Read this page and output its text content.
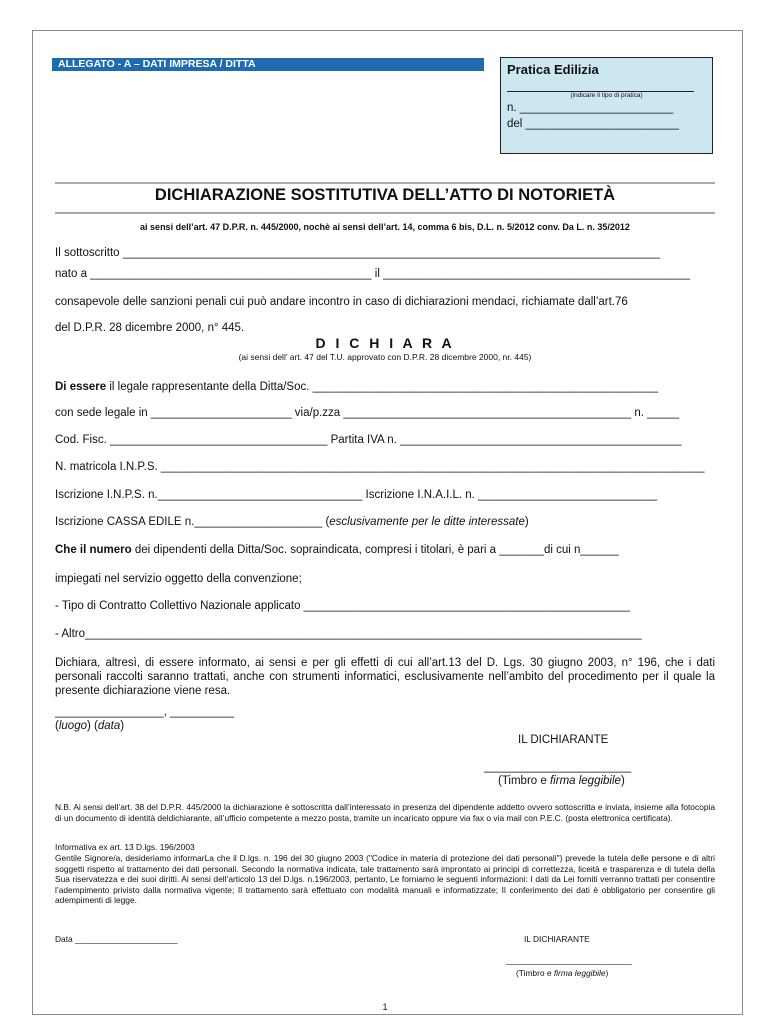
ALLEGATO - A – DATI IMPRESA / DITTA	Pratica Edilizia
(indicare il tipo di pratica)
n. ________________________
del ________________________
DICHIARAZIONE SOSTITUTIVA DELL’ATTO DI NOTORIETÀ
ai sensi dell’art. 47 D.P.R. n. 445/2000, nochè ai sensi dell’art. 14, comma 6 bis, D.L. n. 5/2012 conv. Da L. n. 35/2012
Il sottoscritto ____________________________________________________________________________________
nato a ____________________________________________ il ________________________________________________
consapevole delle sanzioni penali cui può andare incontro in caso di dichiarazioni mendaci, richiamate dall’art.76
del D.P.R. 28 dicembre 2000, n° 445.
D I C H I A R A
(ai sensi dell’ art. 47 del T.U. approvato con D.P.R. 28 dicembre 2000, nr. 445)
Di essere il legale rappresentante della Ditta/Soc. ______________________________________________________
con sede legale in ______________________ via/p.zza _____________________________________________ n. _____
Cod. Fisc. __________________________________ Partita IVA n. ____________________________________________
N. matricola I.N.P.S. _____________________________________________________________________________________
Iscrizione I.N.P.S. n.________________________________ Iscrizione I.N.A.I.L. n. ____________________________
Iscrizione CASSA EDILE n.____________________ (esclusivamente per le ditte interessate)
Che il numero dei dipendenti della Ditta/Soc. sopraindicata, compresi i titolari, è pari a _______di cui n______
impiegati nel servizio oggetto della convenzione;
- Tipo di Contratto Collettivo Nazionale applicato ___________________________________________________
- Altro_______________________________________________________________________________________
Dichiara, altresì, di essere informato, ai sensi e per gli effetti di cui all’art.13 del D. Lgs. 30 giugno 2003, n° 196, che i dati personali raccolti saranno trattati, anche con strumenti informatici, esclusivamente nell’ambito del procedimento per il quale la presente dichiarazione viene resa.
_________________, __________
(luogo) (data)
IL DICHIARANTE
_______________________
(Timbro e firma leggibile)
N.B. Ai sensi dell’art. 38 del D.P.R. 445/2000 la dichiarazione è sottoscritta dall’interessato in presenza del dipendente addetto ovvero sottoscritta e inviata, insieme alla fotocopia di un documento di identità deldichiarante, all’ufficio competente a mezzo posta, tramite un incaricato oppure via fax o via mail con P.E.C. (posta elettronica certificata).
Informativa ex art. 13 D.lgs. 196/2003
Gentile Signore/a, desideriamo informarLa che il D.lgs. n. 196 del 30 giugno 2003 ("Codice in materia di protezione dei dati personali") prevede la tutela delle persone e di altri soggetti rispetto al trattamento dei dati personali. Secondo la normativa indicata, tale trattamento sarà improntato ai principi di correttezza, liceità e trasparenza e di tutela della Sua riservatezza e dei suoi diritti. Ai sensi dell’articolo 13 del D.lgs. n.196/2003, pertanto, Le forniamo le seguenti informazioni: I dati da Lei forniti verranno trattati per consentire l’adempimento privisto dalla normativa vigente; Il trattamento sarà effettuato con modalità manuali e informatizzate; Il conferimento dei dati è obbligatorio per consentire gli adempimenti di legge.
Data ______________________	IL DICHIARANTE
___________________________
(Timbro e firma leggibile)
1
